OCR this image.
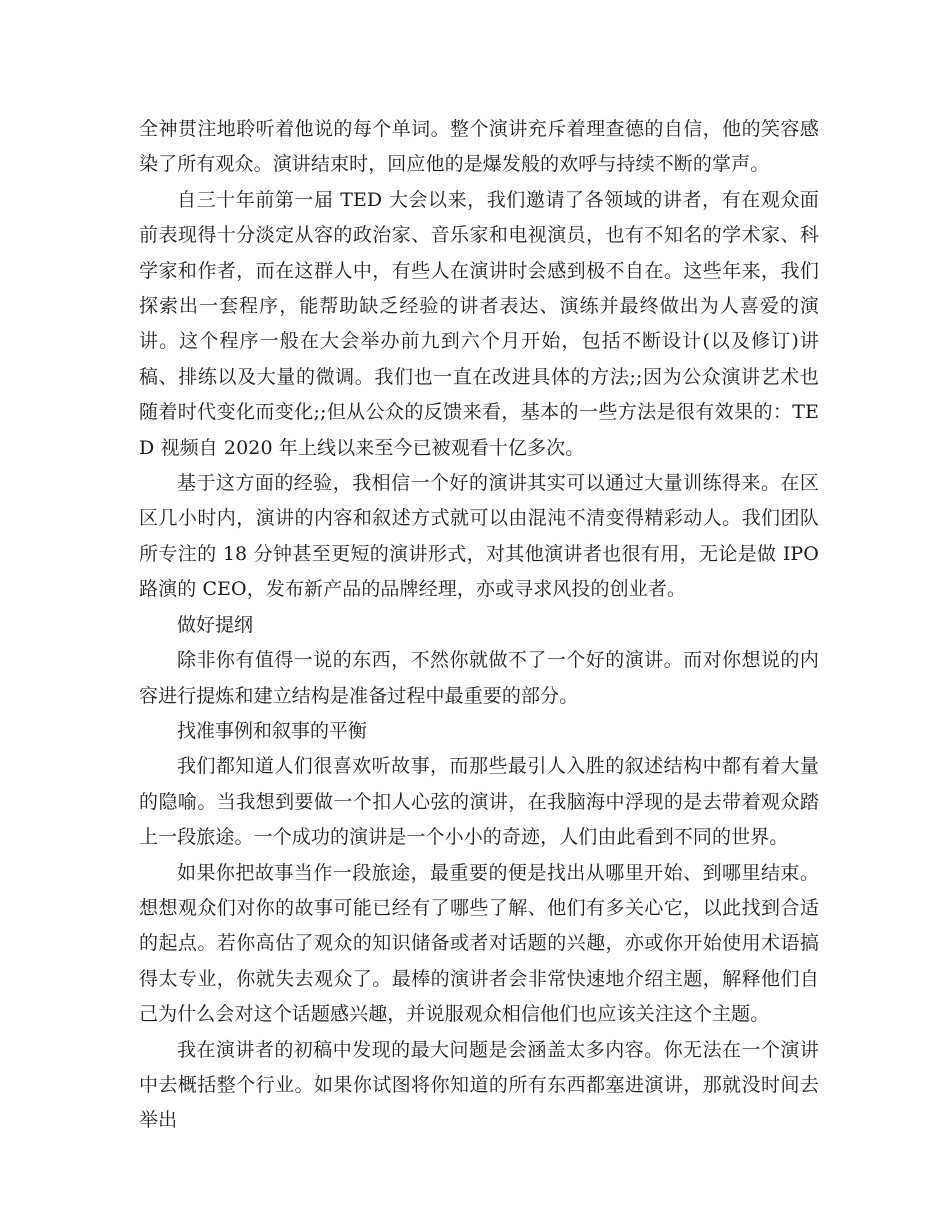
全神贯注地聆听着他说的每个单词。整个演讲充斥着理查德的自信，他的笑容感染了所有观众。演讲结束时，回应他的是爆发般的欢呼与持续不断的掌声。

自三十年前第一届 TED 大会以来，我们邀请了各领域的讲者，有在观众面前表现得十分淡定从容的政治家、音乐家和电视演员，也有不知名的学术家、科学家和作者，而在这群人中，有些人在演讲时会感到极不自在。这些年来，我们探索出一套程序，能帮助缺乏经验的讲者表达、演练并最终做出为人喜爱的演讲。这个程序一般在大会举办前九到六个月开始，包括不断设计(以及修订)讲稿、排练以及大量的微调。我们也一直在改进具体的方法;;因为公众演讲艺术也随着时代变化而变化;;但从公众的反馈来看，基本的一些方法是很有效果的：TED 视频自 2020 年上线以来至今已被观看十亿多次。

基于这方面的经验，我相信一个好的演讲其实可以通过大量训练得来。在区区几小时内，演讲的内容和叙述方式就可以由混沌不清变得精彩动人。我们团队所专注的 18 分钟甚至更短的演讲形式，对其他演讲者也很有用，无论是做 IPO 路演的 CEO，发布新产品的品牌经理，亦或寻求风投的创业者。

做好提纲

除非你有值得一说的东西，不然你就做不了一个好的演讲。而对你想说的内容进行提炼和建立结构是准备过程中最重要的部分。

找准事例和叙事的平衡

我们都知道人们很喜欢听故事，而那些最引人入胜的叙述结构中都有着大量的隐喻。当我想到要做一个扣人心弦的演讲，在我脑海中浮现的是去带着观众踏上一段旅途。一个成功的演讲是一个小小的奇迹，人们由此看到不同的世界。

如果你把故事当作一段旅途，最重要的便是找出从哪里开始、到哪里结束。想想观众们对你的故事可能已经有了哪些了解、他们有多关心它，以此找到合适的起点。若你高估了观众的知识储备或者对话题的兴趣，亦或你开始使用术语搞得太专业，你就失去观众了。最棒的演讲者会非常快速地介绍主题，解释他们自己为什么会对这个话题感兴趣，并说服观众相信他们也应该关注这个主题。

我在演讲者的初稿中发现的最大问题是会涵盖太多内容。你无法在一个演讲中去概括整个行业。如果你试图将你知道的所有东西都塞进演讲，那就没时间去举出
